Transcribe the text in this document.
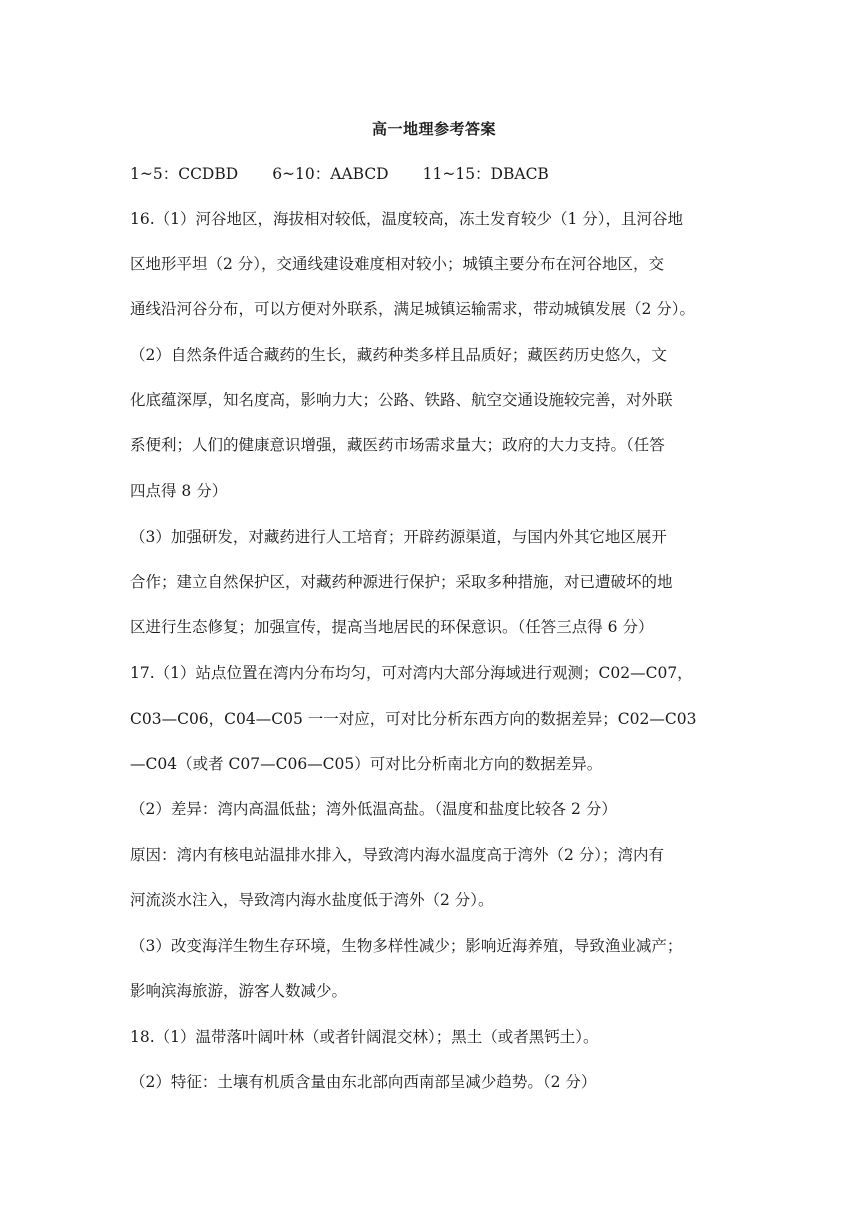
高一地理参考答案
1~5：CCDBD 6~10：AABCD 11~15：DBACB
16.（1）河谷地区，海拔相对较低，温度较高，冻土发育较少（1 分），且河谷地
区地形平坦（2 分），交通线建设难度相对较小；城镇主要分布在河谷地区，交
通线沿河谷分布，可以方便对外联系，满足城镇运输需求，带动城镇发展（2 分）。
（2）自然条件适合藏药的生长，藏药种类多样且品质好；藏医药历史悠久，文
化底蕴深厚，知名度高，影响力大；公路、铁路、航空交通设施较完善，对外联
系便利；人们的健康意识增强，藏医药市场需求量大；政府的大力支持。（任答
四点得 8 分）
（3）加强研发，对藏药进行人工培育；开辟药源渠道，与国内外其它地区展开
合作；建立自然保护区，对藏药种源进行保护；采取多种措施，对已遭破坏的地
区进行生态修复；加强宣传，提高当地居民的环保意识。（任答三点得 6 分）
17.（1）站点位置在湾内分布均匀，可对湾内大部分海域进行观测；C02—C07，
C03—C06，C04—C05 一一对应，可对比分析东西方向的数据差异；C02—C03
—C04（或者 C07—C06—C05）可对比分析南北方向的数据差异。
（2）差异：湾内高温低盐；湾外低温高盐。（温度和盐度比较各 2 分）
原因：湾内有核电站温排水排入，导致湾内海水温度高于湾外（2 分）；湾内有
河流淡水注入，导致湾内海水盐度低于湾外（2 分）。
（3）改变海洋生物生存环境，生物多样性减少；影响近海养殖，导致渔业减产；
影响滨海旅游，游客人数减少。
18.（1）温带落叶阔叶林（或者针阔混交林）；黑土（或者黑钙土）。
（2）特征：土壤有机质含量由东北部向西南部呈减少趋势。（2 分）
